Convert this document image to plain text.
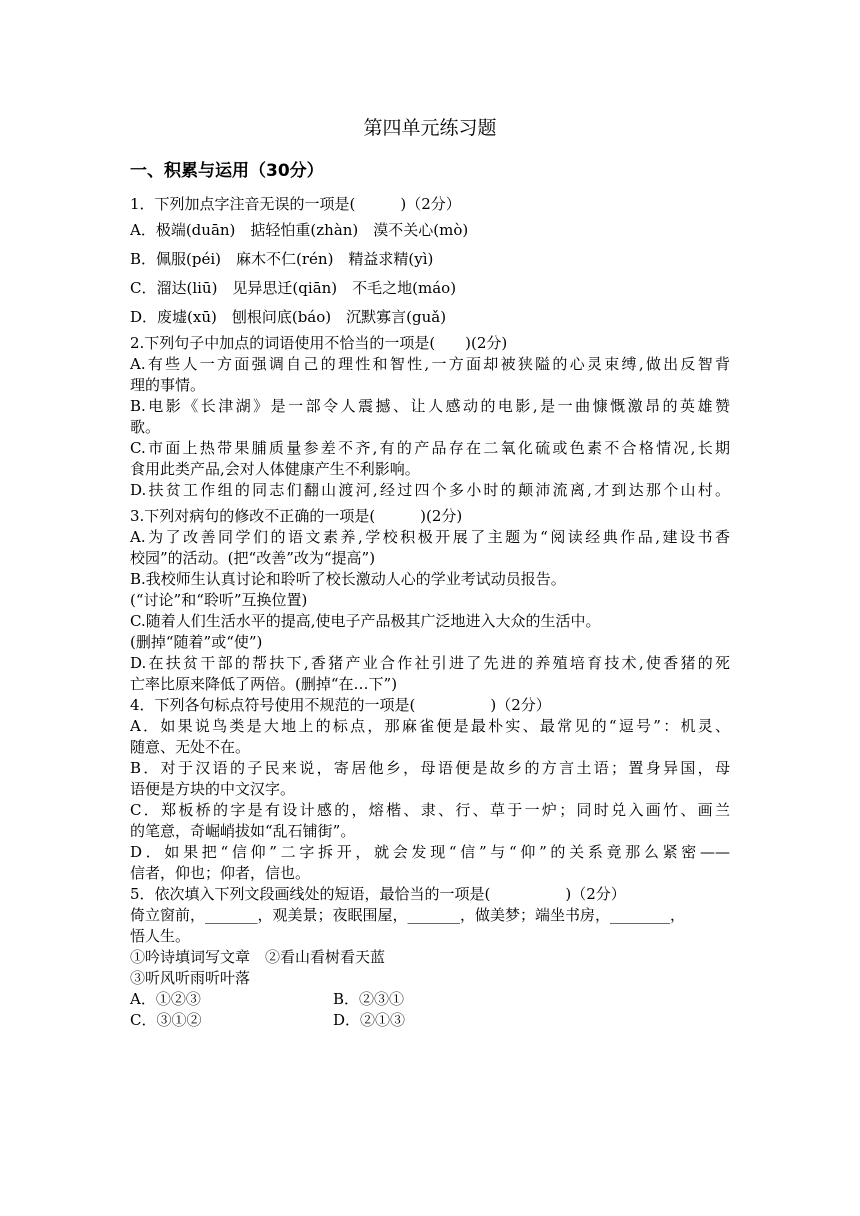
第四单元练习题
一、积累与运用（30分）
1．下列加点字注音无误的一项是(　　　)（2分）
A．极端(duān)　掂轻怕重(zhàn)　漠不关心(mò)
B．佩服(péi)　麻木不仁(rén)　精益求精(yì)
C．溜达(liū)　见异思迁(qiān)　不毛之地(máo)
D．废墟(xū)　刨根问底(báo)　沉默寡言(guǎ)
2.下列句子中加点的词语使用不恰当的一项是(　　)(2分)
A.有些人一方面强调自己的理性和智性,一方面却被狭隘的心灵束缚,做出反智背
理的事情。
B.电影《长津湖》是一部令人震撼、让人感动的电影,是一曲慷慨激昂的英雄赞
歌。
C.市面上热带果脯质量参差不齐,有的产品存在二氧化硫或色素不合格情况,长期
食用此类产品,会对人体健康产生不利影响。
D.扶贫工作组的同志们翻山渡河,经过四个多小时的颠沛流离,才到达那个山村。
3.下列对病句的修改不正确的一项是(　　　)(2分)
A.为了改善同学们的语文素养,学校积极开展了主题为“阅读经典作品,建设书香
校园”的活动。(把“改善”改为“提高”)
B.我校师生认真讨论和聆听了校长激动人心的学业考试动员报告。
(“讨论”和“聆听”互换位置)
C.随着人们生活水平的提高,使电子产品极其广泛地进入大众的生活中。
(删掉“随着”或“使”)
D.在扶贫干部的帮扶下,香猪产业合作社引进了先进的养殖培育技术,使香猪的死
亡率比原来降低了两倍。(删掉“在…下”)
4．下列各句标点符号使用不规范的一项是(　　　　　)（2分）
A．如果说鸟类是大地上的标点，那麻雀便是最朴实、最常见的“逗号”：机灵、
随意、无处不在。
B．对于汉语的子民来说，寄居他乡，母语便是故乡的方言土语；置身异国，母
语便是方块的中文汉字。
C．郑板桥的字是有设计感的，熔楷、隶、行、草于一炉；同时兑入画竹、画兰
的笔意，奇崛峭拔如“乱石铺街”。
D．如果把“信仰”二字拆开，就会发现“信”与“仰”的关系竟那么紧密——
信者，仰也；仰者，信也。
5．依次填入下列文段画线处的短语，最恰当的一项是(　　　　　)（2分）
倚立窗前，_______，观美景；夜眠围屋，_______，做美梦；端坐书房，________，
悟人生。
①吟诗填词写文章　②看山看树看天蓝
③听风听雨听叶落
A．①②③	B．②③①
C．③①②	D．②①③
